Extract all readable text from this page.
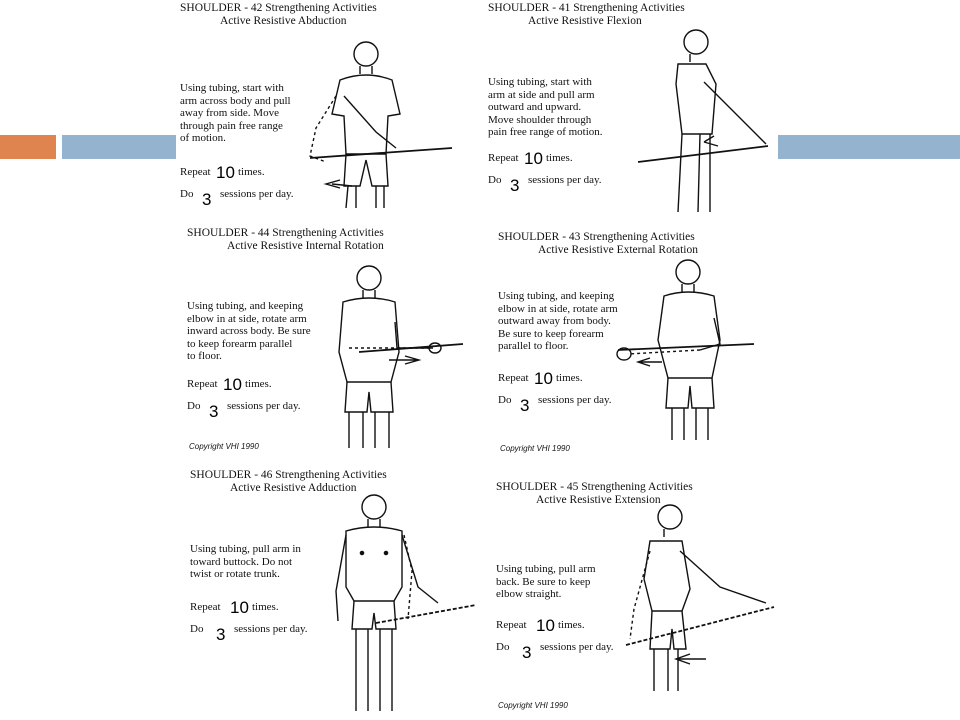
SHOULDER - 42 Strengthening Activities
Active Resistive Abduction
Using tubing, start with
arm across body and pull
away from side. Move
through pain free range
of motion.
Repeat 10 times.
Do 3 sessions per day.
SHOULDER - 41 Strengthening Activities
Active Resistive Flexion
Using tubing, start with
arm at side and pull arm
outward and upward.
Move shoulder through
pain free range of motion.
Repeat 10 times.
Do 3 sessions per day.
SHOULDER - 44 Strengthening Activities
Active Resistive Internal Rotation
Using tubing, and keeping
elbow in at side, rotate arm
inward across body. Be sure
to keep forearm parallel
to floor.
Repeat 10 times.
Do 3 sessions per day.
Copyright VHI 1990
SHOULDER - 43 Strengthening Activities
Active Resistive External Rotation
Using tubing, and keeping
elbow in at side, rotate arm
outward away from body.
Be sure to keep forearm
parallel to floor.
Repeat 10 times.
Do 3 sessions per day.
Copyright VHI 1990
SHOULDER - 46 Strengthening Activities
Active Resistive Adduction
Using tubing, pull arm in
toward buttock. Do not
twist or rotate trunk.
Repeat 10 times.
Do 3 sessions per day.
SHOULDER - 45 Strengthening Activities
Active Resistive Extension
Using tubing, pull arm
back. Be sure to keep
elbow straight.
Repeat 10 times.
Do 3 sessions per day.
Copyright VHI 1990
